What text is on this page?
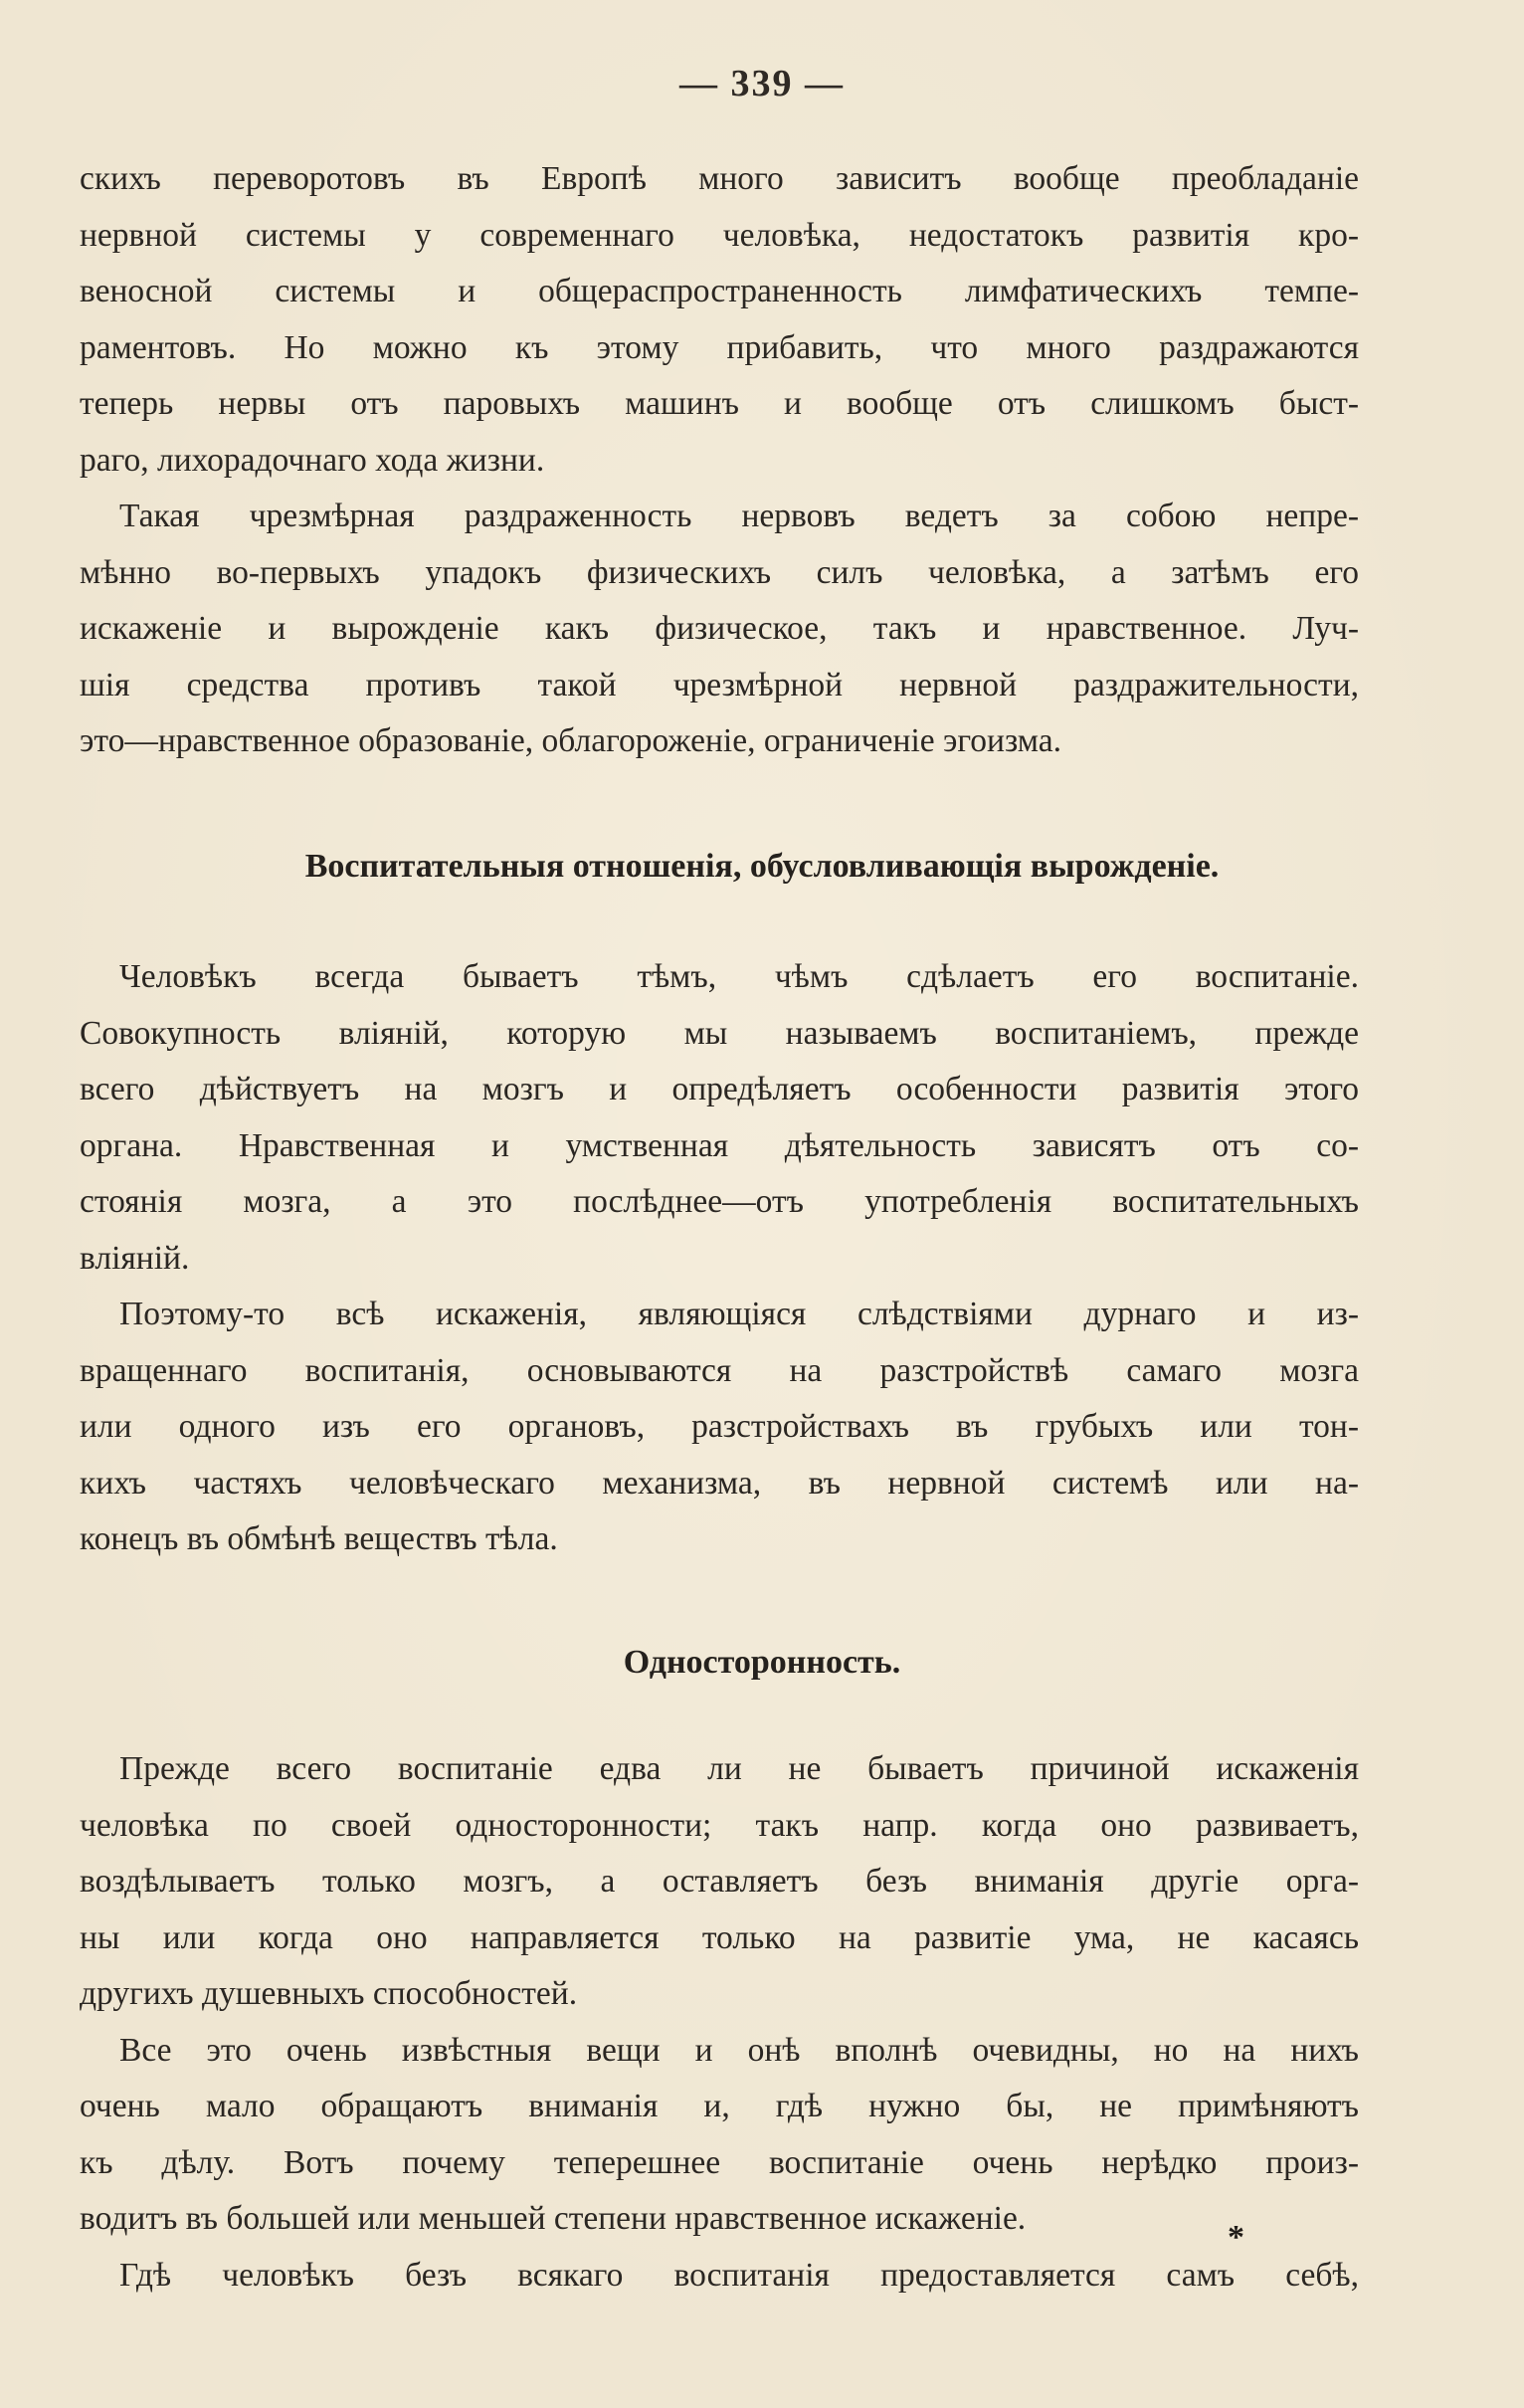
— 339 —
скихъ переворотовъ въ Европѣ много зависитъ вообще преобладаніе
нервной системы у современнаго человѣка, недостатокъ развитія кро-
веносной системы и общераспространенность лимфатическихъ темпе-
раментовъ. Но можно къ этому прибавить, что много раздражаются
теперь нервы отъ паровыхъ машинъ и вообще отъ слишкомъ быст-
раго, лихорадочнаго хода жизни.
Такая чрезмѣрная раздраженность нервовъ ведетъ за собою непре-
мѣнно во-первыхъ упадокъ физическихъ силъ человѣка, а затѣмъ его
искаженіе и вырожденіе какъ физическое, такъ и нравственное. Луч-
шія средства противъ такой чрезмѣрной нервной раздражительности,
это—нравственное образованіе, облагороженіе, ограниченіе эгоизма.
Воспитательныя отношенія, обусловливающія вырожденіе.
Человѣкъ всегда бываетъ тѣмъ, чѣмъ сдѣлаетъ его воспитаніе.
Совокупность вліяній, которую мы называемъ воспитаніемъ, прежде
всего дѣйствуетъ на мозгъ и опредѣляетъ особенности развитія этого
органа. Нравственная и умственная дѣятельность зависятъ отъ со-
стоянія мозга, а это послѣднее—отъ употребленія воспитательныхъ
вліяній.
Поэтому-то всѣ искаженія, являющіяся слѣдствіями дурнаго и из-
вращеннаго воспитанія, основываются на разстройствѣ самаго мозга
или одного изъ его органовъ, разстройствахъ въ грубыхъ или тон-
кихъ частяхъ человѣческаго механизма, въ нервной системѣ или на-
конецъ въ обмѣнѣ веществъ тѣла.
Односторонность.
Прежде всего воспитаніе едва ли не бываетъ причиной искаженія
человѣка по своей односторонности; такъ напр. когда оно развиваетъ,
воздѣлываетъ только мозгъ, а оставляетъ безъ вниманія другіе орга-
ны или когда оно направляется только на развитіе ума, не касаясь
другихъ душевныхъ способностей.
Все это очень извѣстныя вещи и онѣ вполнѣ очевидны, но на нихъ
очень мало обращаютъ вниманія и, гдѣ нужно бы, не примѣняютъ
къ дѣлу. Вотъ почему теперешнее воспитаніе очень нерѣдко произ-
водитъ въ большей или меньшей степени нравственное искаженіе.
Гдѣ человѣкъ безъ всякаго воспитанія предоставляется самъ себѣ,
*
